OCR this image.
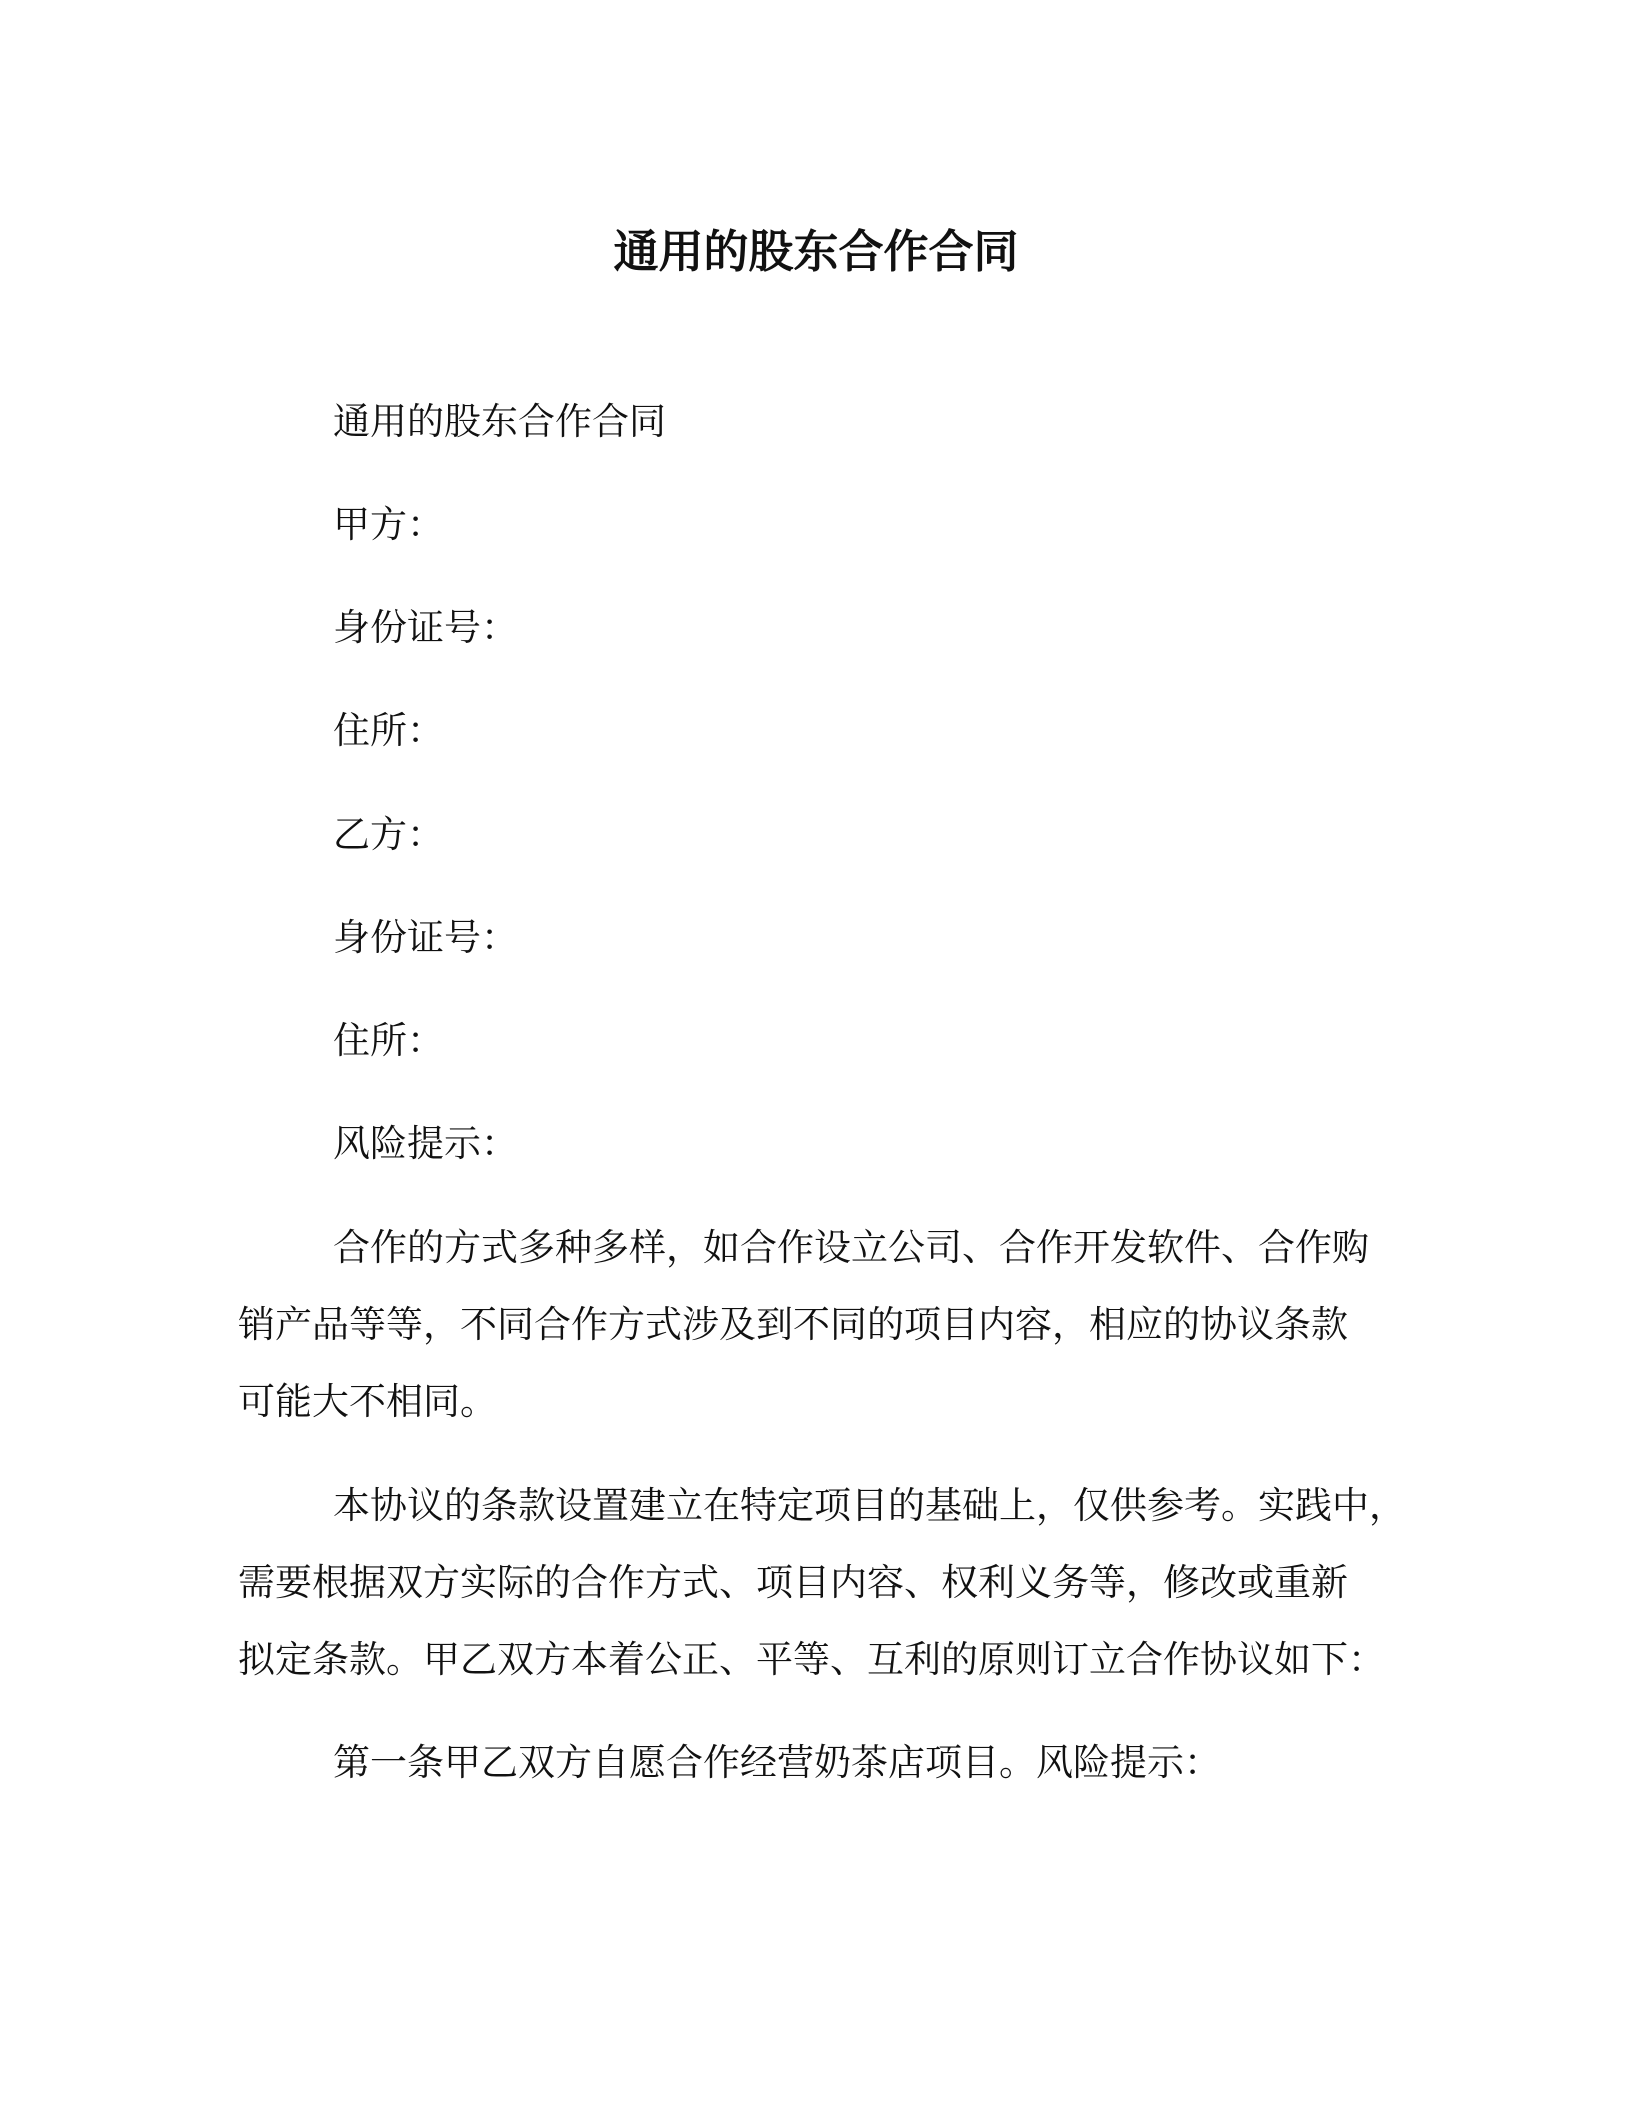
通用的股东合作合同
通用的股东合作合同
甲方：
身份证号：
住所：
乙方：
身份证号：
住所：
风险提示：
合作的方式多种多样，如合作设立公司、合作开发软件、合作购
销产品等等，不同合作方式涉及到不同的项目内容，相应的协议条款
可能大不相同。
本协议的条款设置建立在特定项目的基础上，仅供参考。实践中，
需要根据双方实际的合作方式、项目内容、权利义务等，修改或重新
拟定条款。甲乙双方本着公正、平等、互利的原则订立合作协议如下：
第一条甲乙双方自愿合作经营奶茶店项目。风险提示：
